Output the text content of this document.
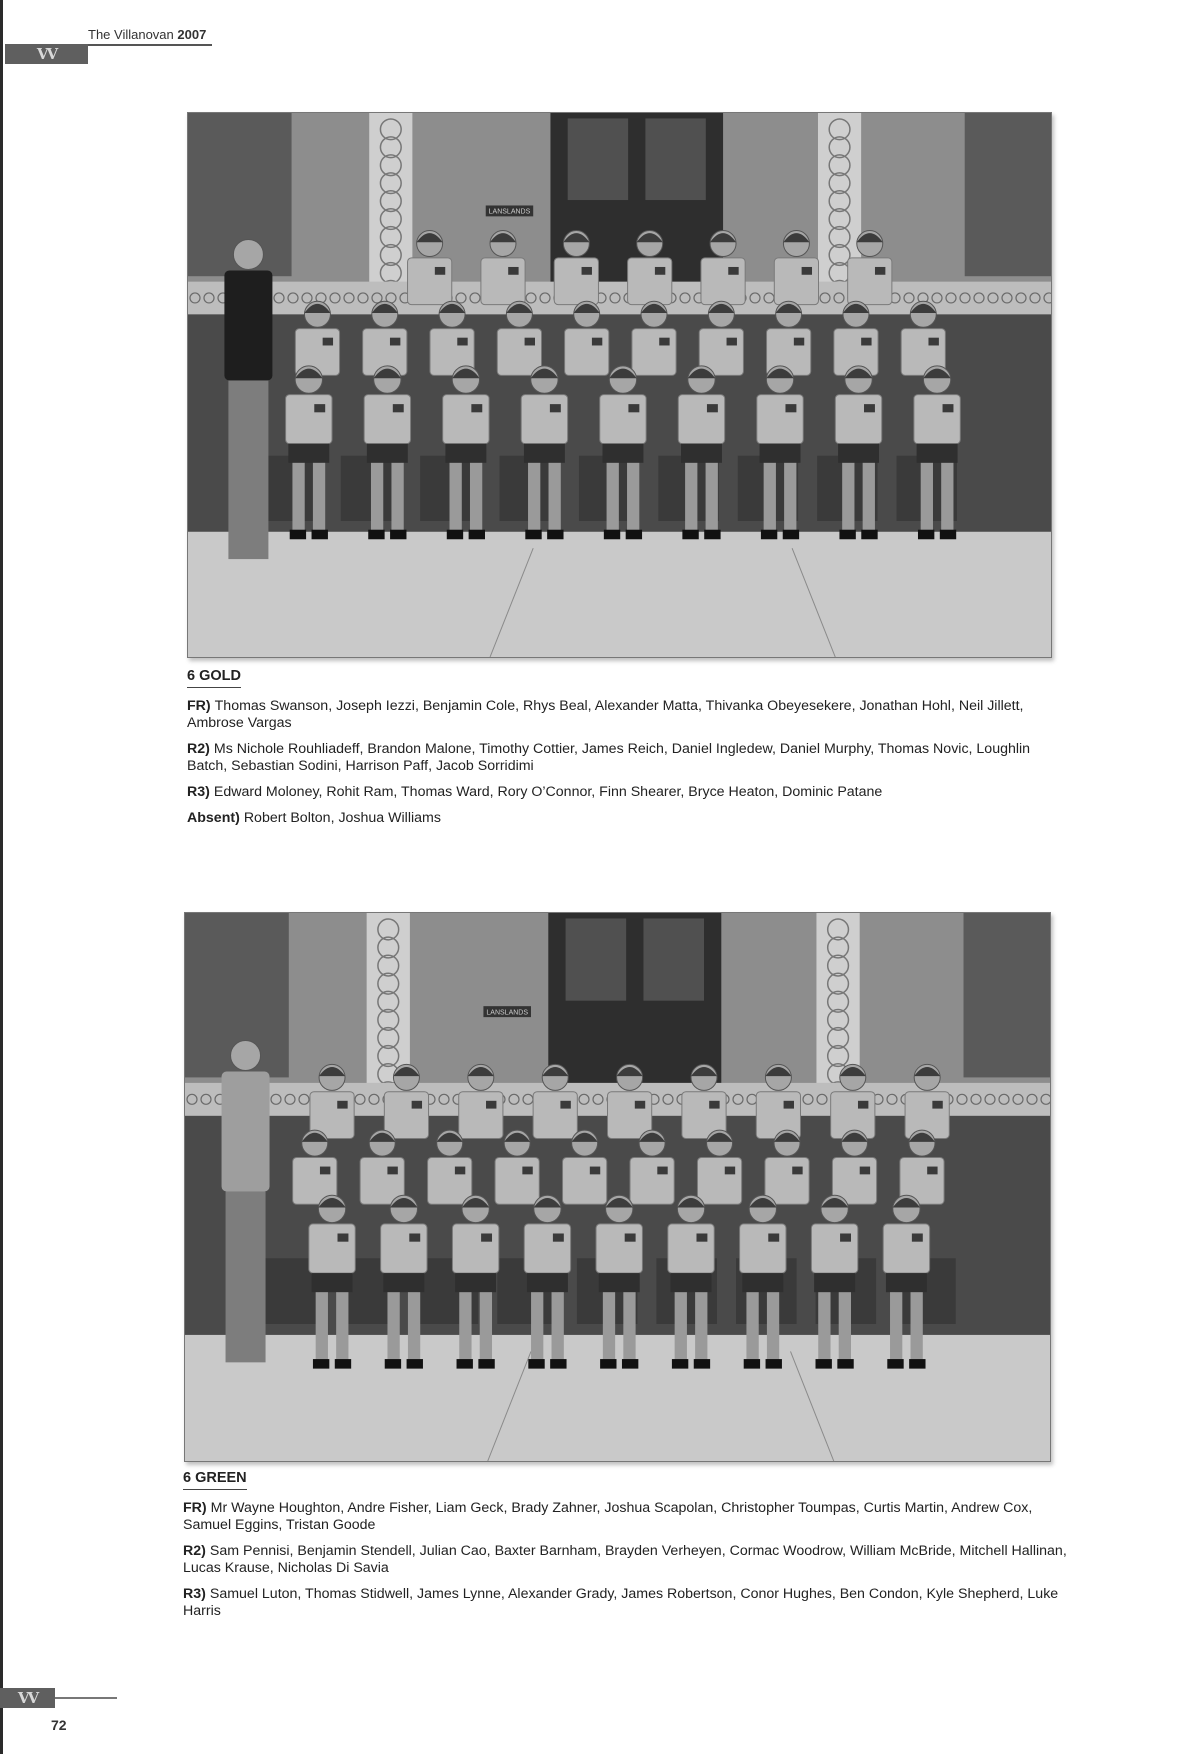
VV
The Villanovan 2007
LANSLANDS
6 GOLD

FR) Thomas Swanson, Joseph Iezzi, Benjamin Cole, Rhys Beal, Alexander Matta, Thivanka Obeyesekere, Jonathan Hohl, Neil Jillett, Ambrose Vargas

R2) Ms Nichole Rouhliadeff, Brandon Malone, Timothy Cottier, James Reich, Daniel Ingledew, Daniel Murphy, Thomas Novic, Loughlin Batch, Sebastian Sodini, Harrison Paff, Jacob Sorridimi

R3) Edward Moloney, Rohit Ram, Thomas Ward, Rory O’Connor, Finn Shearer, Bryce Heaton, Dominic Patane

Absent) Robert Bolton, Joshua Williams

LANSLANDS
6 GREEN

FR) Mr Wayne Houghton, Andre Fisher, Liam Geck, Brady Zahner, Joshua Scapolan, Christopher Toumpas, Curtis Martin, Andrew Cox, Samuel Eggins, Tristan Goode

R2) Sam Pennisi, Benjamin Stendell, Julian Cao, Baxter Barnham, Brayden Verheyen, Cormac Woodrow, William McBride, Mitchell Hallinan, Lucas Krause, Nicholas Di Savia

R3) Samuel Luton, Thomas Stidwell, James Lynne, Alexander Grady, James Robertson, Conor Hughes, Ben Condon, Kyle Shepherd, Luke Harris

VV
72
